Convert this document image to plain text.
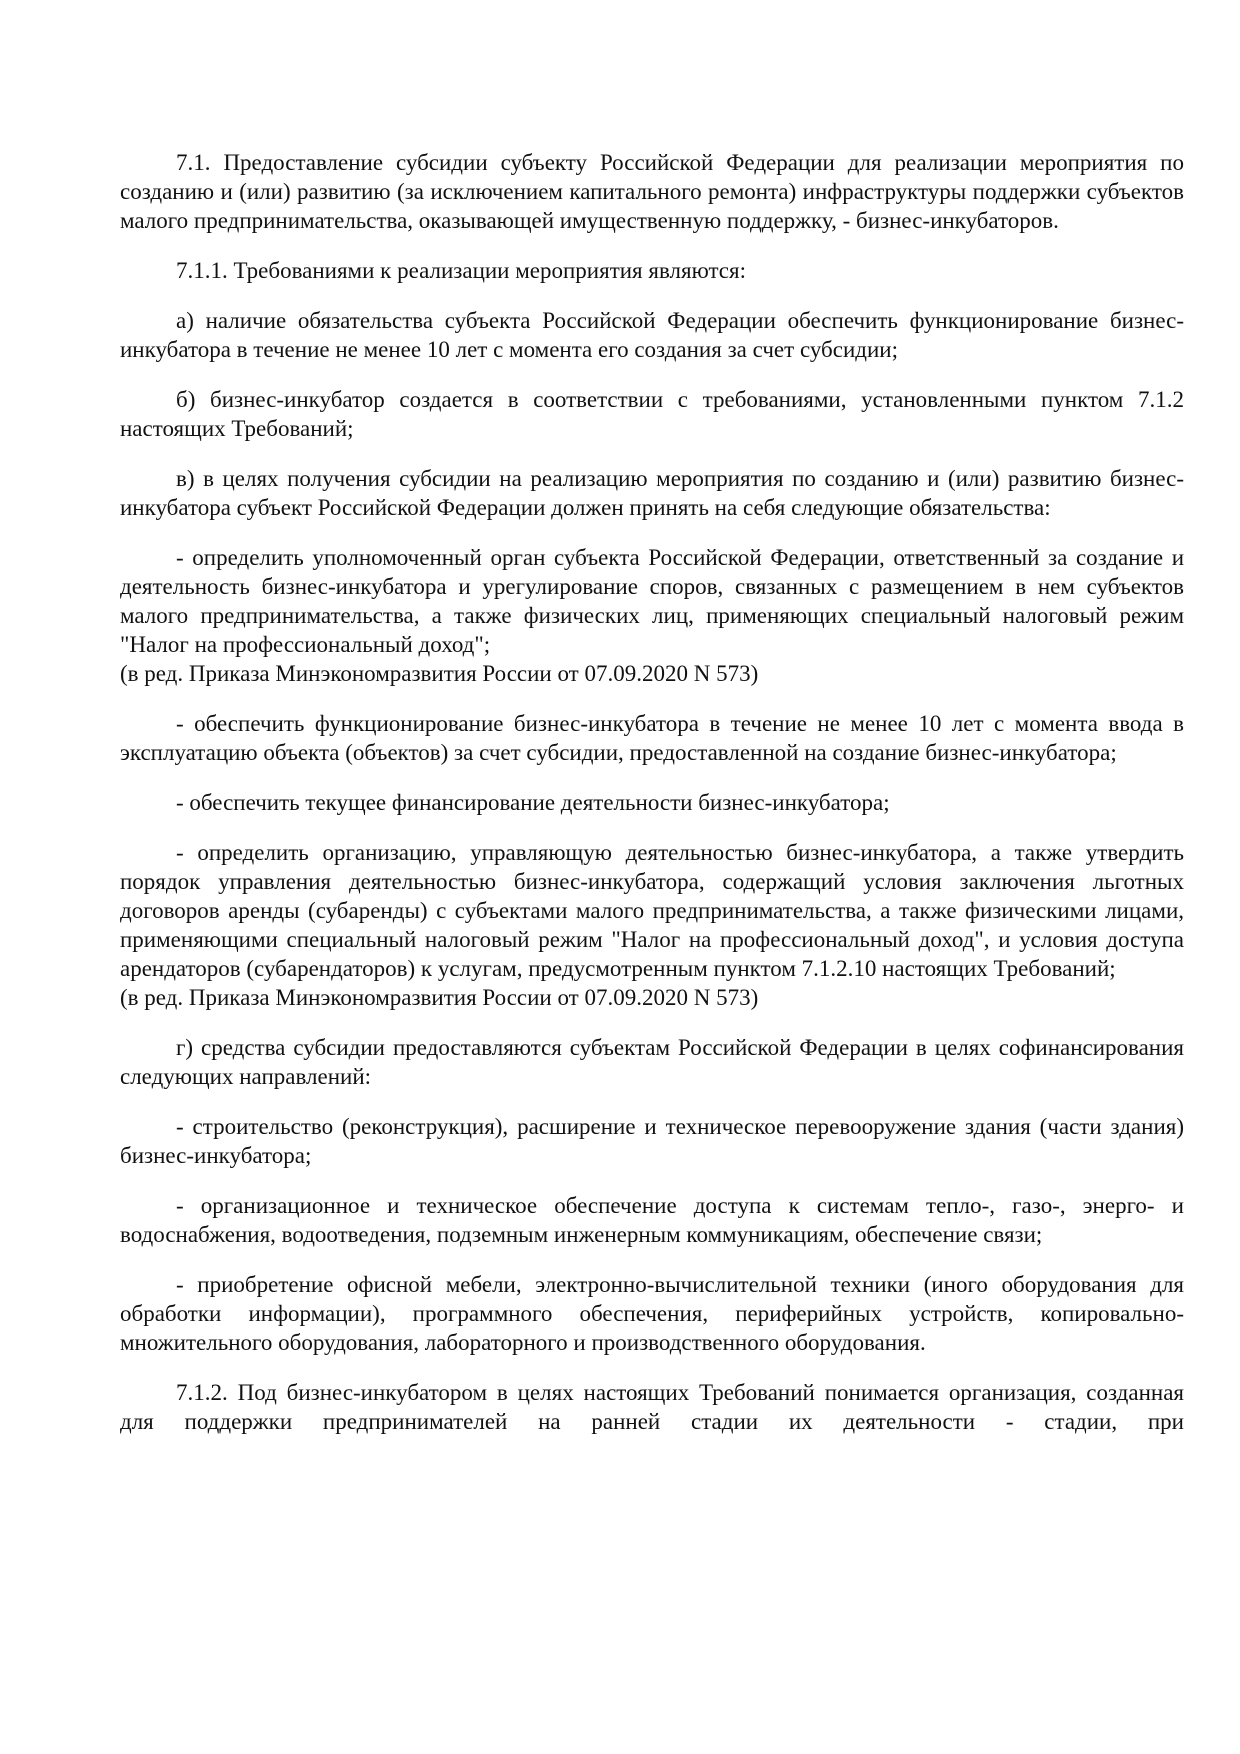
7.1. Предоставление субсидии субъекту Российской Федерации для реализации мероприятия по созданию и (или) развитию (за исключением капитального ремонта) инфраструктуры поддержки субъектов малого предпринимательства, оказывающей имущественную поддержку, - бизнес-инкубаторов.
7.1.1. Требованиями к реализации мероприятия являются:
а) наличие обязательства субъекта Российской Федерации обеспечить функционирование бизнес-инкубатора в течение не менее 10 лет с момента его создания за счет субсидии;
б) бизнес-инкубатор создается в соответствии с требованиями, установленными пунктом 7.1.2 настоящих Требований;
в) в целях получения субсидии на реализацию мероприятия по созданию и (или) развитию бизнес-инкубатора субъект Российской Федерации должен принять на себя следующие обязательства:
- определить уполномоченный орган субъекта Российской Федерации, ответственный за создание и деятельность бизнес-инкубатора и урегулирование споров, связанных с размещением в нем субъектов малого предпринимательства, а также физических лиц, применяющих специальный налоговый режим "Налог на профессиональный доход";
(в ред. Приказа Минэкономразвития России от 07.09.2020 N 573)
- обеспечить функционирование бизнес-инкубатора в течение не менее 10 лет с момента ввода в эксплуатацию объекта (объектов) за счет субсидии, предоставленной на создание бизнес-инкубатора;
- обеспечить текущее финансирование деятельности бизнес-инкубатора;
- определить организацию, управляющую деятельностью бизнес-инкубатора, а также утвердить порядок управления деятельностью бизнес-инкубатора, содержащий условия заключения льготных договоров аренды (субаренды) с субъектами малого предпринимательства, а также физическими лицами, применяющими специальный налоговый режим "Налог на профессиональный доход", и условия доступа арендаторов (субарендаторов) к услугам, предусмотренным пунктом 7.1.2.10 настоящих Требований;
(в ред. Приказа Минэкономразвития России от 07.09.2020 N 573)
г) средства субсидии предоставляются субъектам Российской Федерации в целях софинансирования следующих направлений:
- строительство (реконструкция), расширение и техническое перевооружение здания (части здания) бизнес-инкубатора;
- организационное и техническое обеспечение доступа к системам тепло-, газо-, энерго- и водоснабжения, водоотведения, подземным инженерным коммуникациям, обеспечение связи;
- приобретение офисной мебели, электронно-вычислительной техники (иного оборудования для обработки информации), программного обеспечения, периферийных устройств, копировально-множительного оборудования, лабораторного и производственного оборудования.
7.1.2. Под бизнес-инкубатором в целях настоящих Требований понимается организация, созданная для поддержки предпринимателей на ранней стадии их деятельности - стадии, при
